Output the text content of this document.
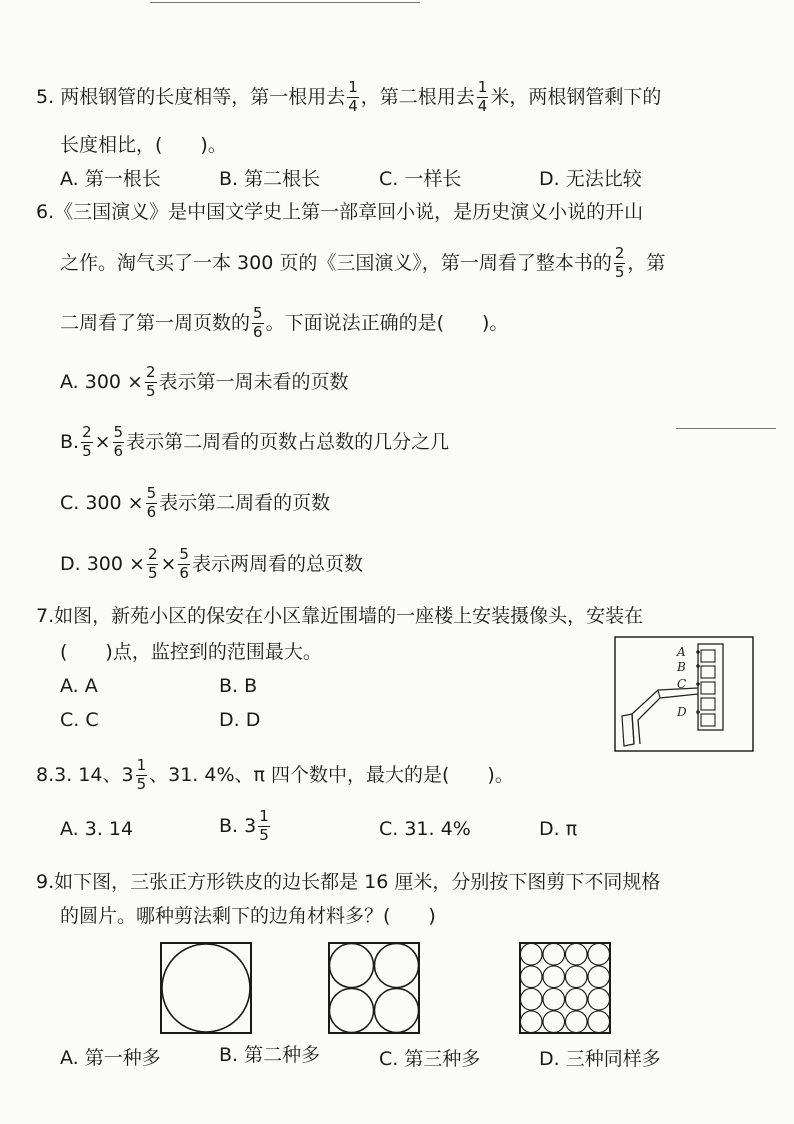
5. 两根钢管的长度相等，第一根用去 $\frac{1}{4}$ ，第二根用去 $\frac{1}{4}$ 米，两根钢管剩下的
长度相比，(　　)。
A. 第一根长	B. 第二根长	C. 一样长	D. 无法比较
6.《三国演义》是中国文学史上第一部章回小说，是历史演义小说的开山
之作。淘气买了一本 300 页的《三国演义》，第一周看了整本书的 $\frac{2}{5}$ ，第
二周看了第一周页数的 $\frac{5}{6}$ 。下面说法正确的是(　　)。
A. $300 \times \frac{2}{5}$ 表示第一周未看的页数
B. $\frac{2}{5} \times \frac{5}{6}$ 表示第二周看的页数占总数的几分之几
C. $300 \times \frac{5}{6}$ 表示第二周看的页数
D. $300 \times \frac{2}{5} \times \frac{5}{6}$ 表示两周看的总页数
7.如图，新苑小区的保安在小区靠近围墙的一座楼上安装摄像头，安装在
(　　)点，监控到的范围最大。
A. A	B. B
C. C	D. D
A
B
C
D
8.3. 14、$3 \frac{1}{5}$ 、31. 4%、π 四个数中，最大的是(　　)。
A. 3. 14	B. $3 \frac{1}{5}$	C. 31. 4%	D. π
9.如下图，三张正方形铁皮的边长都是 16 厘米，分别按下图剪下不同规格
的圆片。哪种剪法剩下的边角材料多？(　　)
A. 第一种多	B. 第二种多	C. 第三种多	D. 三种同样多
